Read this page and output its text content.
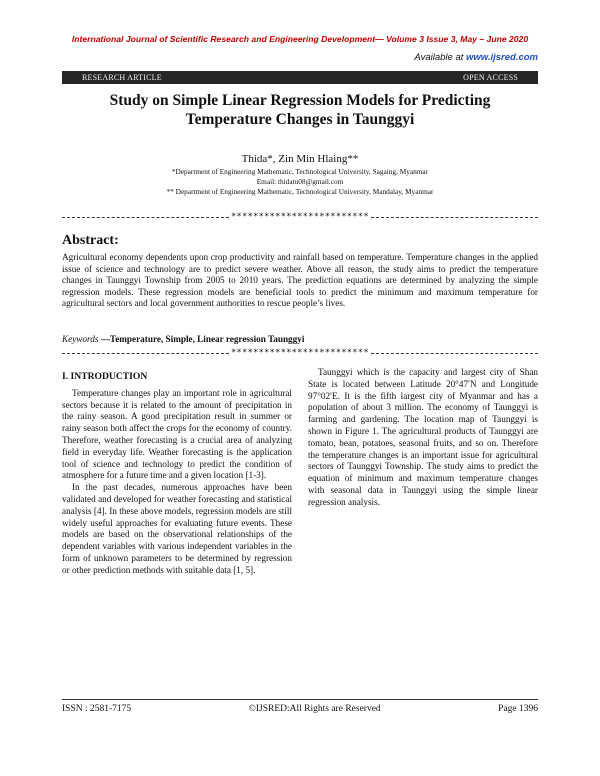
International Journal of Scientific Research and Engineering Development— Volume 3 Issue 3, May – June 2020
Available at www.ijsred.com
RESEARCH ARTICLE	OPEN ACCESS
Study on Simple Linear Regression Models for Predicting
Temperature Changes in Taunggyi
Thida*, Zin Min Hlaing**
*Department of Engineering Mathematic, Technological University, Sagaing, Myanmar
Email: thidatu08@gmail.com
** Department of Engineering Mathematic, Technological University, Mandalay, Myanmar
*************************
Abstract:
Agricultural economy dependents upon crop productivity and rainfall based on temperature. Temperature changes in the applied issue of science and technology are to predict severe weather. Above all reason, the study aims to predict the temperature changes in Taunggyi Township from 2005 to 2010 years. The prediction equations are determined by analyzing the simple regression models. These regression models are beneficial tools to predict the minimum and maximum temperature for agricultural sectors and local government authorities to rescue people’s lives.
Keywords —Temperature, Simple, Linear regression Taunggyi
*************************
I. INTRODUCTION

Temperature changes play an important role in agricultural sectors because it is related to the amount of precipitation in the rainy season. A good precipitation result in summer or rainy season both affect the crops for the economy of country. Therefore, weather forecasting is a crucial area of analyzing field in everyday life. Weather forecasting is the application tool of science and technology to predict the condition of atmosphere for a future time and a given location [1-3].

In the past decades, numerous approaches have been validated and developed for weather forecasting and statistical analysis [4]. In these above models, regression models are still widely useful approaches for evaluating future events. These models are based on the observational relationships of the dependent variables with various independent variables in the form of unknown parameters to be determined by regression or other prediction methods with suitable data [1, 5].

Taunggyi which is the capacity and largest city of Shan State is located between Latitude 20°47′N and Longitude 97°02′E. It is the fifth largest city of Myanmar and has a population of about 3 million. The economy of Taunggyi is farming and gardening. The location map of Taunggyi is shown in Figure 1. The agricultural products of Taunggyi are tomato, bean, potatoes, seasonal fruits, and so on. Therefore the temperature changes is an important issue for agricultural sectors of Taunggyi Township. The study aims to predict the equation of minimum and maximum temperature changes with seasonal data in Taunggyi using the simple linear regression analysis.

ISSN : 2581-7175	©IJSRED:All Rights are Reserved	Page 1396
